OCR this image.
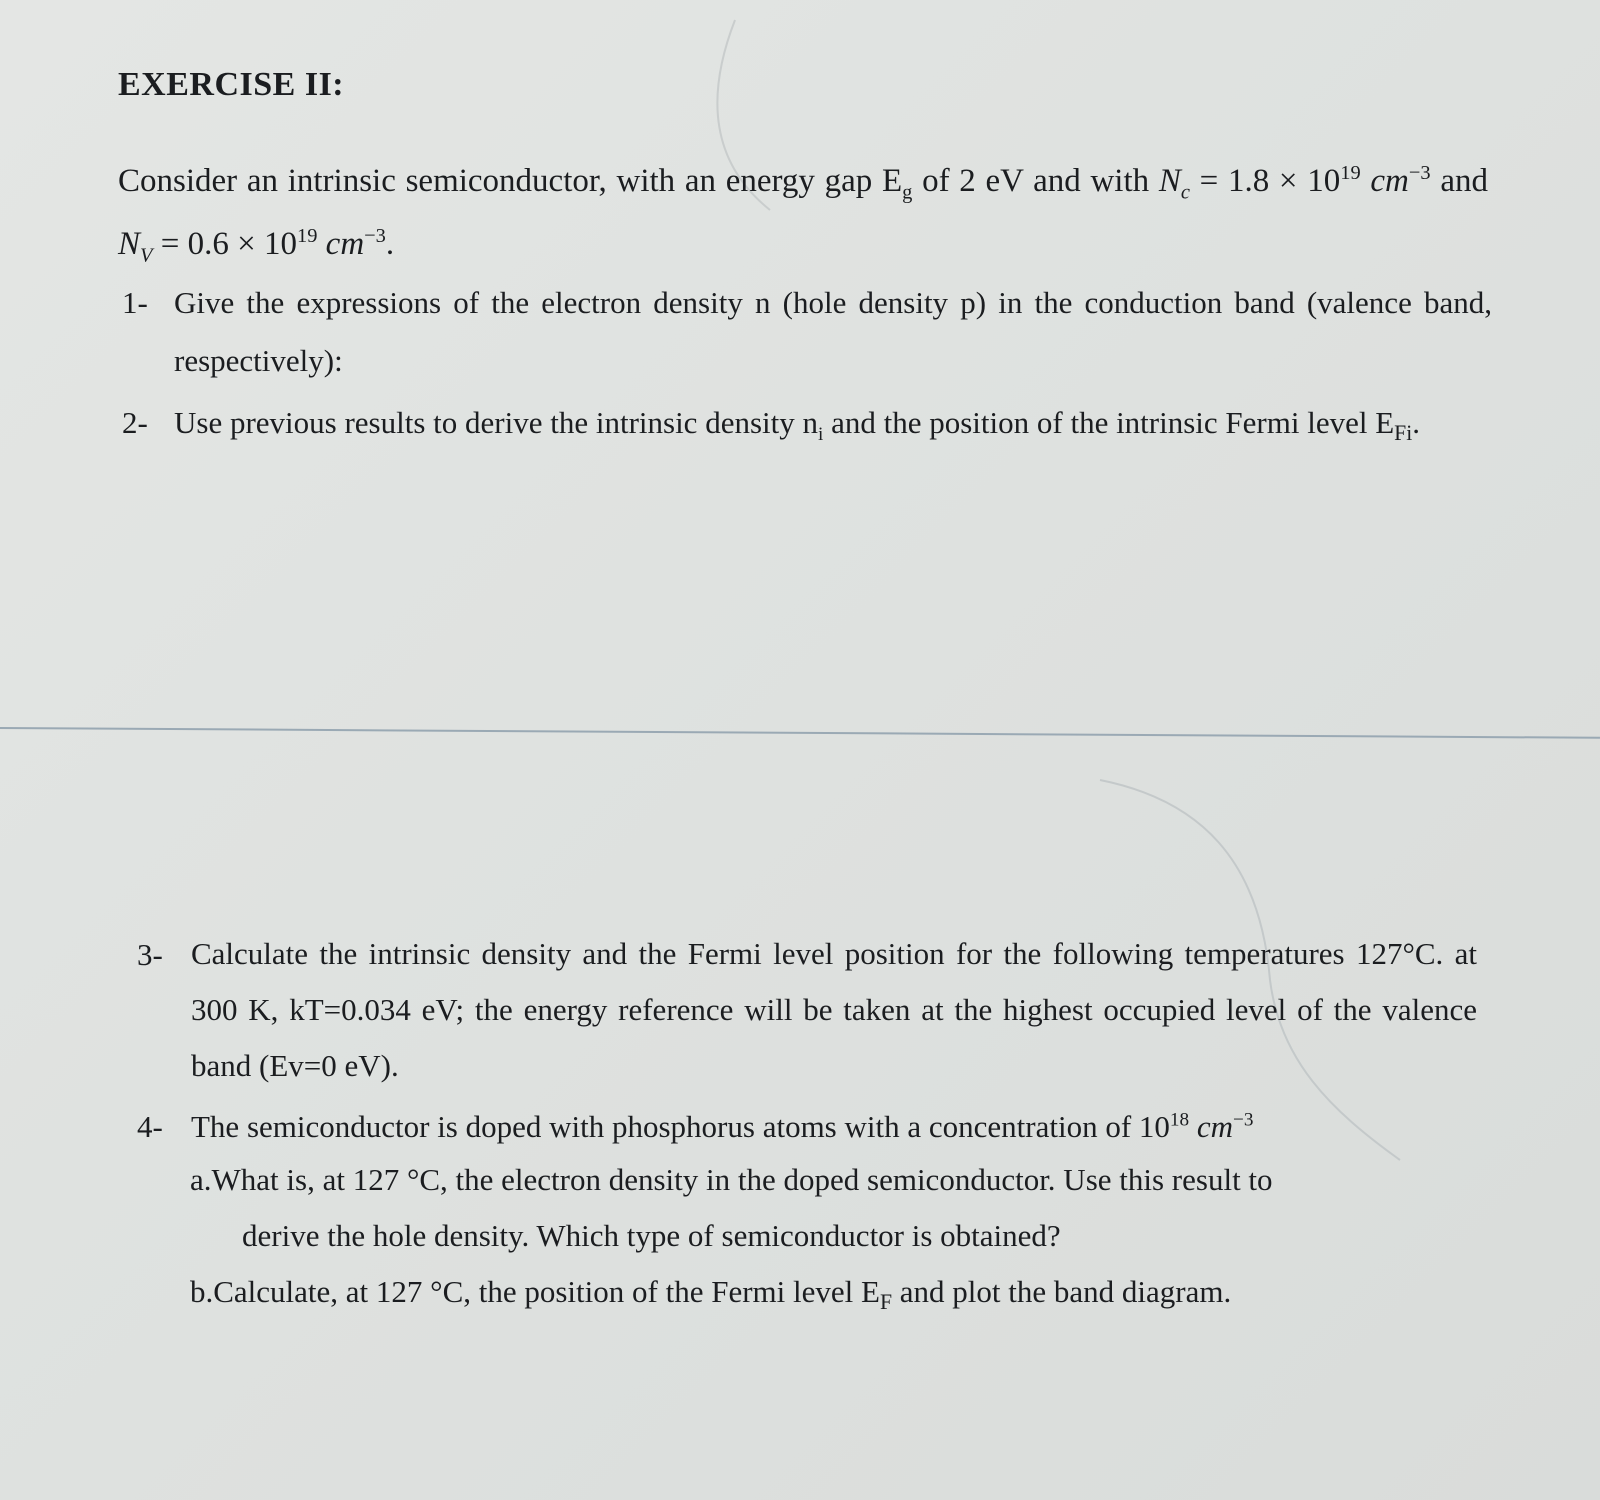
EXERCISE II:

Consider an intrinsic semiconductor, with an energy gap $E_g$ of 2 eV and with $N_c = 1.8 \times 10^{19}$ $cm^{-3}$ and $N_V = 0.6 \times 10^{19}$ $cm^{-3}$.

1- Give the expressions of the electron density n (hole density p) in the conduction band (valence band, respectively):
2- Use previous results to derive the intrinsic density $n_i$ and the position of the intrinsic Fermi level $E_{Fi}$.
3- Calculate the intrinsic density and the Fermi level position for the following temperatures 127°C. at 300 K, kT=0.034 eV; the energy reference will be taken at the highest occupied level of the valence band (Ev=0 eV).
4- The semiconductor is doped with phosphorus atoms with a concentration of $10^{18}$ $cm^{-3}$
a.What is, at 127 °C, the electron density in the doped semiconductor. Use this result to
derive the hole density. Which type of semiconductor is obtained?
b.Calculate, at 127 °C, the position of the Fermi level $E_F$ and plot the band diagram.
